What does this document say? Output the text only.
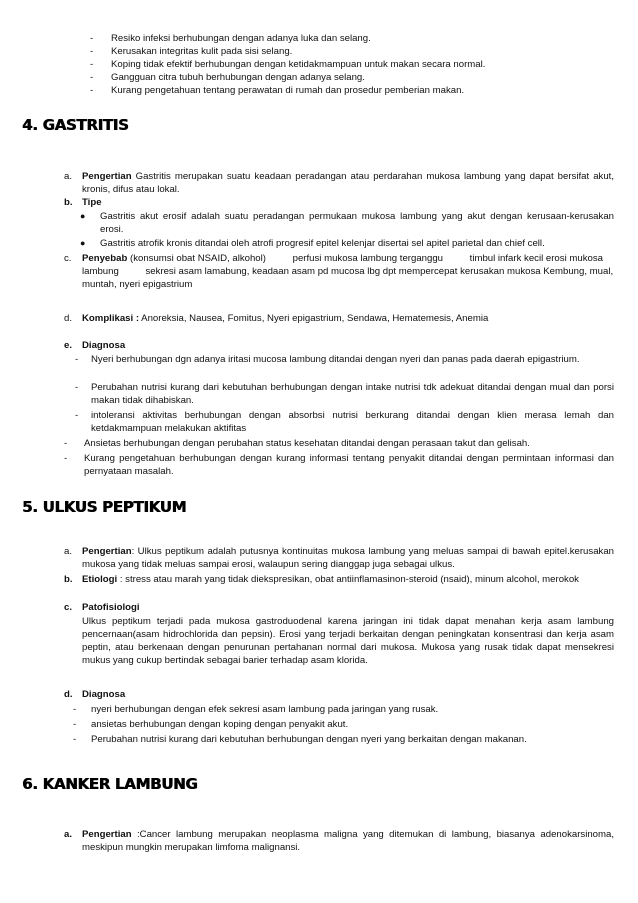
- Resiko infeksi berhubungan dengan adanya luka dan selang.
- Kerusakan integritas kulit pada sisi selang.
- Koping tidak efektif berhubungan dengan ketidakmampuan untuk makan secara normal.
- Gangguan citra tubuh berhubungan dengan adanya selang.
- Kurang pengetahuan tentang perawatan di rumah dan prosedur pemberian makan.
4. GASTRITIS
a. Pengertian Gastritis merupakan suatu keadaan peradangan atau perdarahan mukosa lambung yang dapat bersifat akut, kronis, difus atau lokal.
b. Tipe
● Gastritis akut erosif adalah suatu peradangan permukaan mukosa lambung yang akut dengan kerusaan-kerusakan erosi.
● Gastritis atrofik kronis ditandai oleh atrofi progresif epitel kelenjar disertai sel apitel parietal dan chief cell.
c. Penyebab (konsumsi obat NSAID, alkohol)          perfusi mukosa lambung terganggu          timbul infark kecil erosi mukosa lambung          sekresi asam lamabung, keadaan asam pd mucosa lbg dpt mempercepat kerusakan mukosa Kembung, mual, muntah, nyeri epigastrium
d. Komplikasi : Anoreksia, Nausea, Fomitus, Nyeri epigastrium, Sendawa, Hematemesis, Anemia
e. Diagnosa
- Nyeri berhubungan dgn adanya iritasi mucosa lambung ditandai dengan nyeri dan panas pada daerah epigastrium.
- Perubahan nutrisi kurang dari kebutuhan berhubungan dengan intake nutrisi tdk adekuat ditandai dengan mual dan porsi makan tidak dihabiskan.
- intoleransi aktivitas berhubungan dengan absorbsi nutrisi berkurang ditandai dengan klien merasa lemah dan ketdakmampuan melakukan aktifitas
- Ansietas berhubungan dengan perubahan status kesehatan ditandai dengan perasaan takut dan gelisah.
- Kurang pengetahuan berhubungan dengan kurang informasi tentang penyakit ditandai dengan permintaan informasi dan pernyataan masalah.
5. ULKUS PEPTIKUM
a. Pengertian: Ulkus peptikum adalah putusnya kontinuitas mukosa lambung yang meluas sampai di bawah epitel.kerusakan mukosa yang tidak meluas sampai erosi, walaupun sering dianggap juga sebagai ulkus.
b. Etiologi : stress atau marah yang tidak diekspresikan, obat antiinflamasinon-steroid (nsaid), minum alcohol, merokok
c. Patofisiologi
Ulkus peptikum terjadi pada mukosa gastroduodenal karena jaringan ini tidak dapat menahan kerja asam lambung pencernaan(asam hidrochlorida dan pepsin). Erosi yang terjadi berkaitan dengan peningkatan konsentrasi dan kerja asam peptin, atau berkenaan dengan penurunan pertahanan normal dari mukosa. Mukosa yang rusak tidak dapat mensekresi mukus yang cukup bertindak sebagai barier terhadap asam klorida.
d. Diagnosa
- nyeri berhubungan dengan efek sekresi asam lambung pada jaringan yang rusak.
- ansietas berhubungan dengan koping dengan penyakit akut.
- Perubahan nutrisi kurang dari kebutuhan berhubungan dengan nyeri yang berkaitan dengan makanan.
6. KANKER LAMBUNG
a. Pengertian :Cancer lambung merupakan neoplasma maligna yang ditemukan di lambung, biasanya adenokarsinoma, meskipun mungkin merupakan limfoma malignansi.
